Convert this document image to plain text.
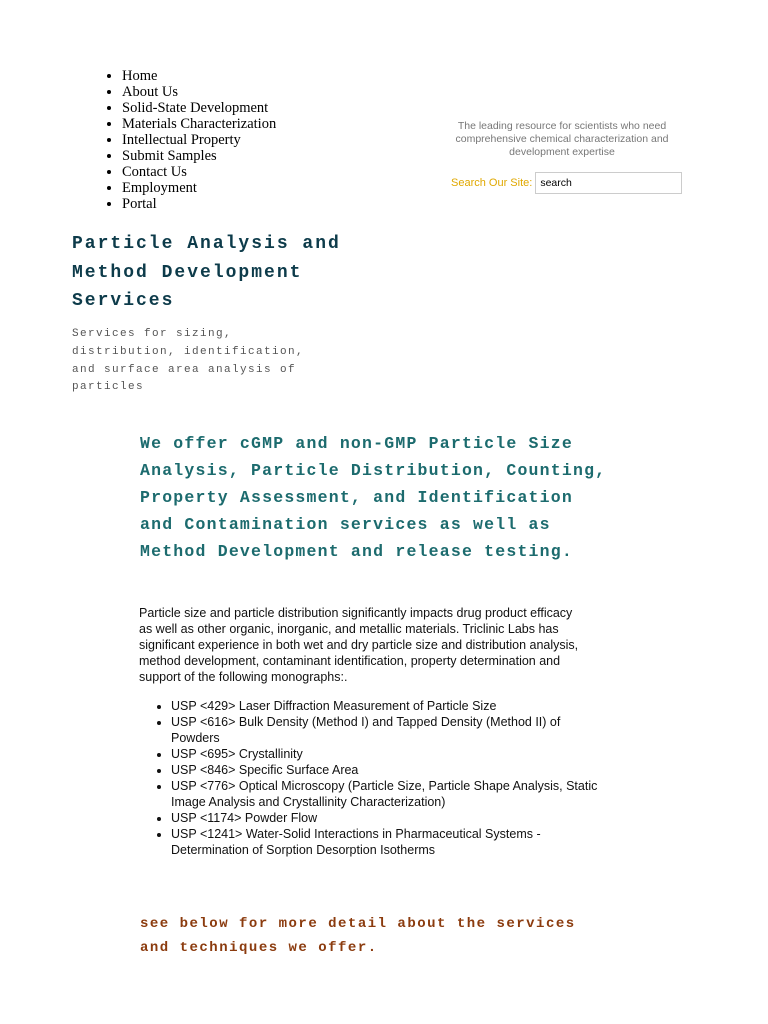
• Home
• About Us
• Solid-State Development
• Materials Characterization
• Intellectual Property
• Submit Samples
• Contact Us
• Employment
• Portal
The leading resource for scientists who need comprehensive chemical characterization and development expertise
Search Our Site:
search
Particle Analysis and Method Development Services

Services for sizing, distribution, identification, and surface area analysis of particles

We offer cGMP and non-GMP Particle Size Analysis, Particle Distribution, Counting, Property Assessment, and Identification and Contamination services as well as Method Development and release testing.

Particle size and particle distribution significantly impacts drug product efficacy as well as other organic, inorganic, and metallic materials. Triclinic Labs has significant experience in both wet and dry particle size and distribution analysis, method development, contaminant identification, property determination and support of the following monographs:.

• USP <429> Laser Diffraction Measurement of Particle Size
• USP <616> Bulk Density (Method I) and Tapped Density (Method II) of Powders
• USP <695> Crystallinity
• USP <846> Specific Surface Area
• USP <776> Optical Microscopy (Particle Size, Particle Shape Analysis, Static Image Analysis and Crystallinity Characterization)
• USP <1174> Powder Flow
• USP <1241> Water-Solid Interactions in Pharmaceutical Systems - Determination of Sorption Desorption Isotherms

see below for more detail about the services and techniques we offer.
